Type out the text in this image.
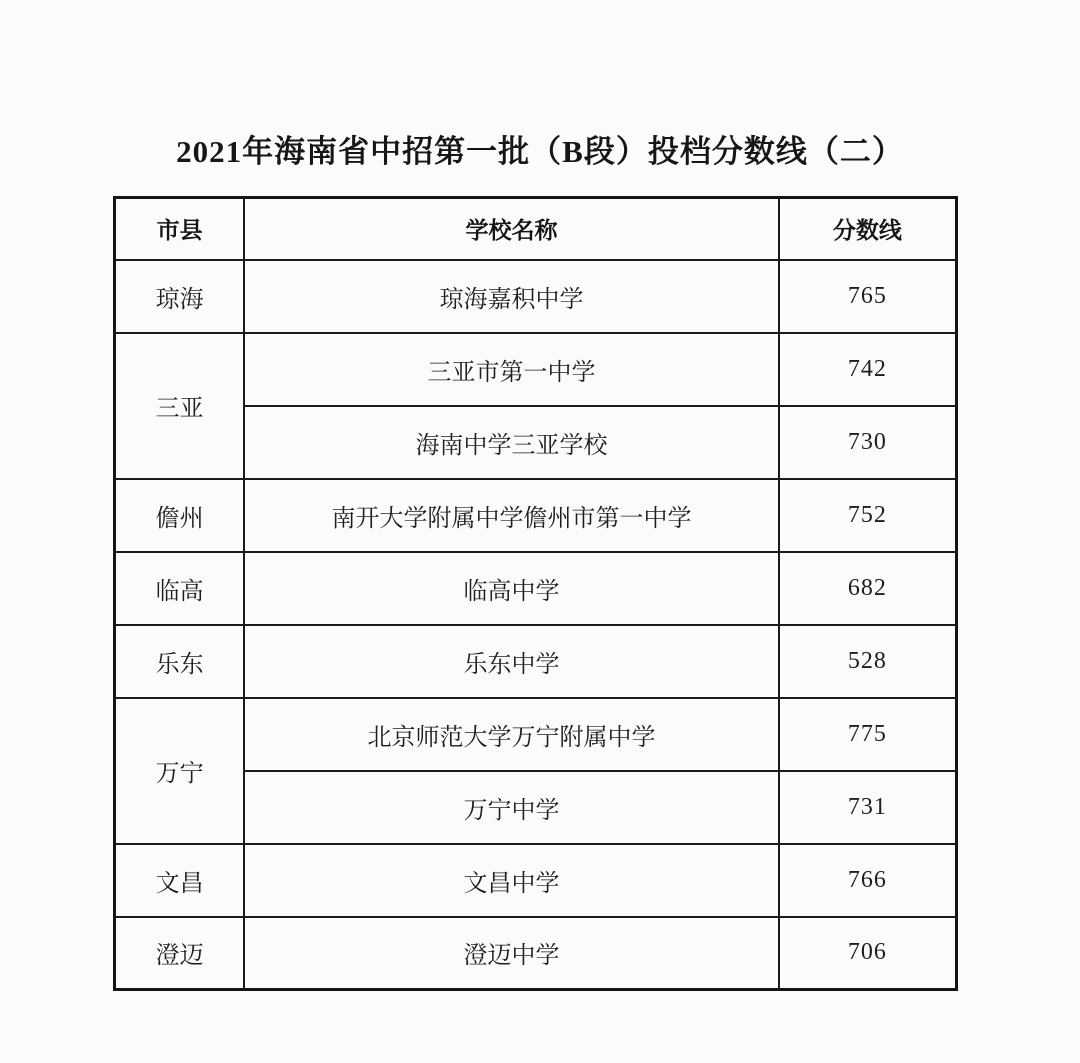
2021年海南省中招第一批（B段）投档分数线（二）
市县	学校名称	分数线
琼海	琼海嘉积中学	765
三亚	三亚市第一中学	742
	海南中学三亚学校	730
儋州	南开大学附属中学儋州市第一中学	752
临高	临高中学	682
乐东	乐东中学	528
万宁	北京师范大学万宁附属中学	775
	万宁中学	731
文昌	文昌中学	766
澄迈	澄迈中学	706
